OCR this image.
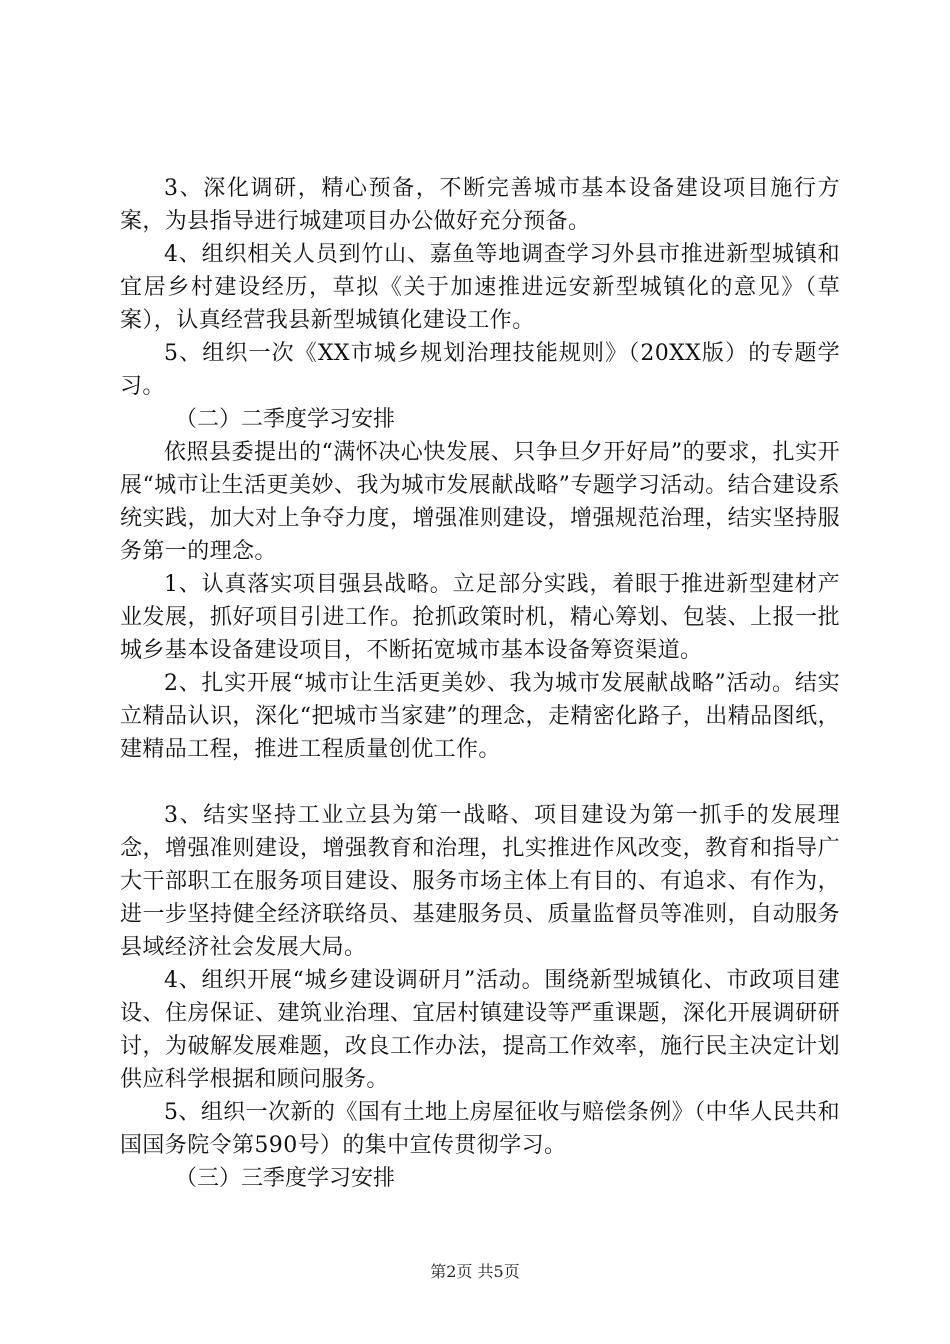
3、深化调研，精心预备，不断完善城市基本设备建设项目施行方案，为县指导进行城建项目办公做好充分预备。

4、组织相关人员到竹山、嘉鱼等地调查学习外县市推进新型城镇和宜居乡村建设经历，草拟《关于加速推进远安新型城镇化的意见》（草案），认真经营我县新型城镇化建设工作。

5、组织一次《XX市城乡规划治理技能规则》（20XX版）的专题学习。

（二）二季度学习安排

依照县委提出的“满怀决心快发展、只争旦夕开好局”的要求，扎实开展“城市让生活更美妙、我为城市发展献战略”专题学习活动。结合建设系统实践，加大对上争夺力度，增强准则建设，增强规范治理，结实坚持服务第一的理念。

1、认真落实项目强县战略。立足部分实践，着眼于推进新型建材产业发展，抓好项目引进工作。抢抓政策时机，精心筹划、包装、上报一批城乡基本设备建设项目，不断拓宽城市基本设备筹资渠道。

2、扎实开展“城市让生活更美妙、我为城市发展献战略”活动。结实立精品认识，深化“把城市当家建”的理念，走精密化路子，出精品图纸，建精品工程，推进工程质量创优工作。

3、结实坚持工业立县为第一战略、项目建设为第一抓手的发展理念，增强准则建设，增强教育和治理，扎实推进作风改变，教育和指导广大干部职工在服务项目建设、服务市场主体上有目的、有追求、有作为，进一步坚持健全经济联络员、基建服务员、质量监督员等准则，自动服务县域经济社会发展大局。

4、组织开展“城乡建设调研月”活动。围绕新型城镇化、市政项目建设、住房保证、建筑业治理、宜居村镇建设等严重课题，深化开展调研研讨，为破解发展难题，改良工作办法，提高工作效率，施行民主决定计划供应科学根据和顾问服务。

5、组织一次新的《国有土地上房屋征收与赔偿条例》（中华人民共和国国务院令第590号）的集中宣传贯彻学习。

（三）三季度学习安排

第2页 共5页
